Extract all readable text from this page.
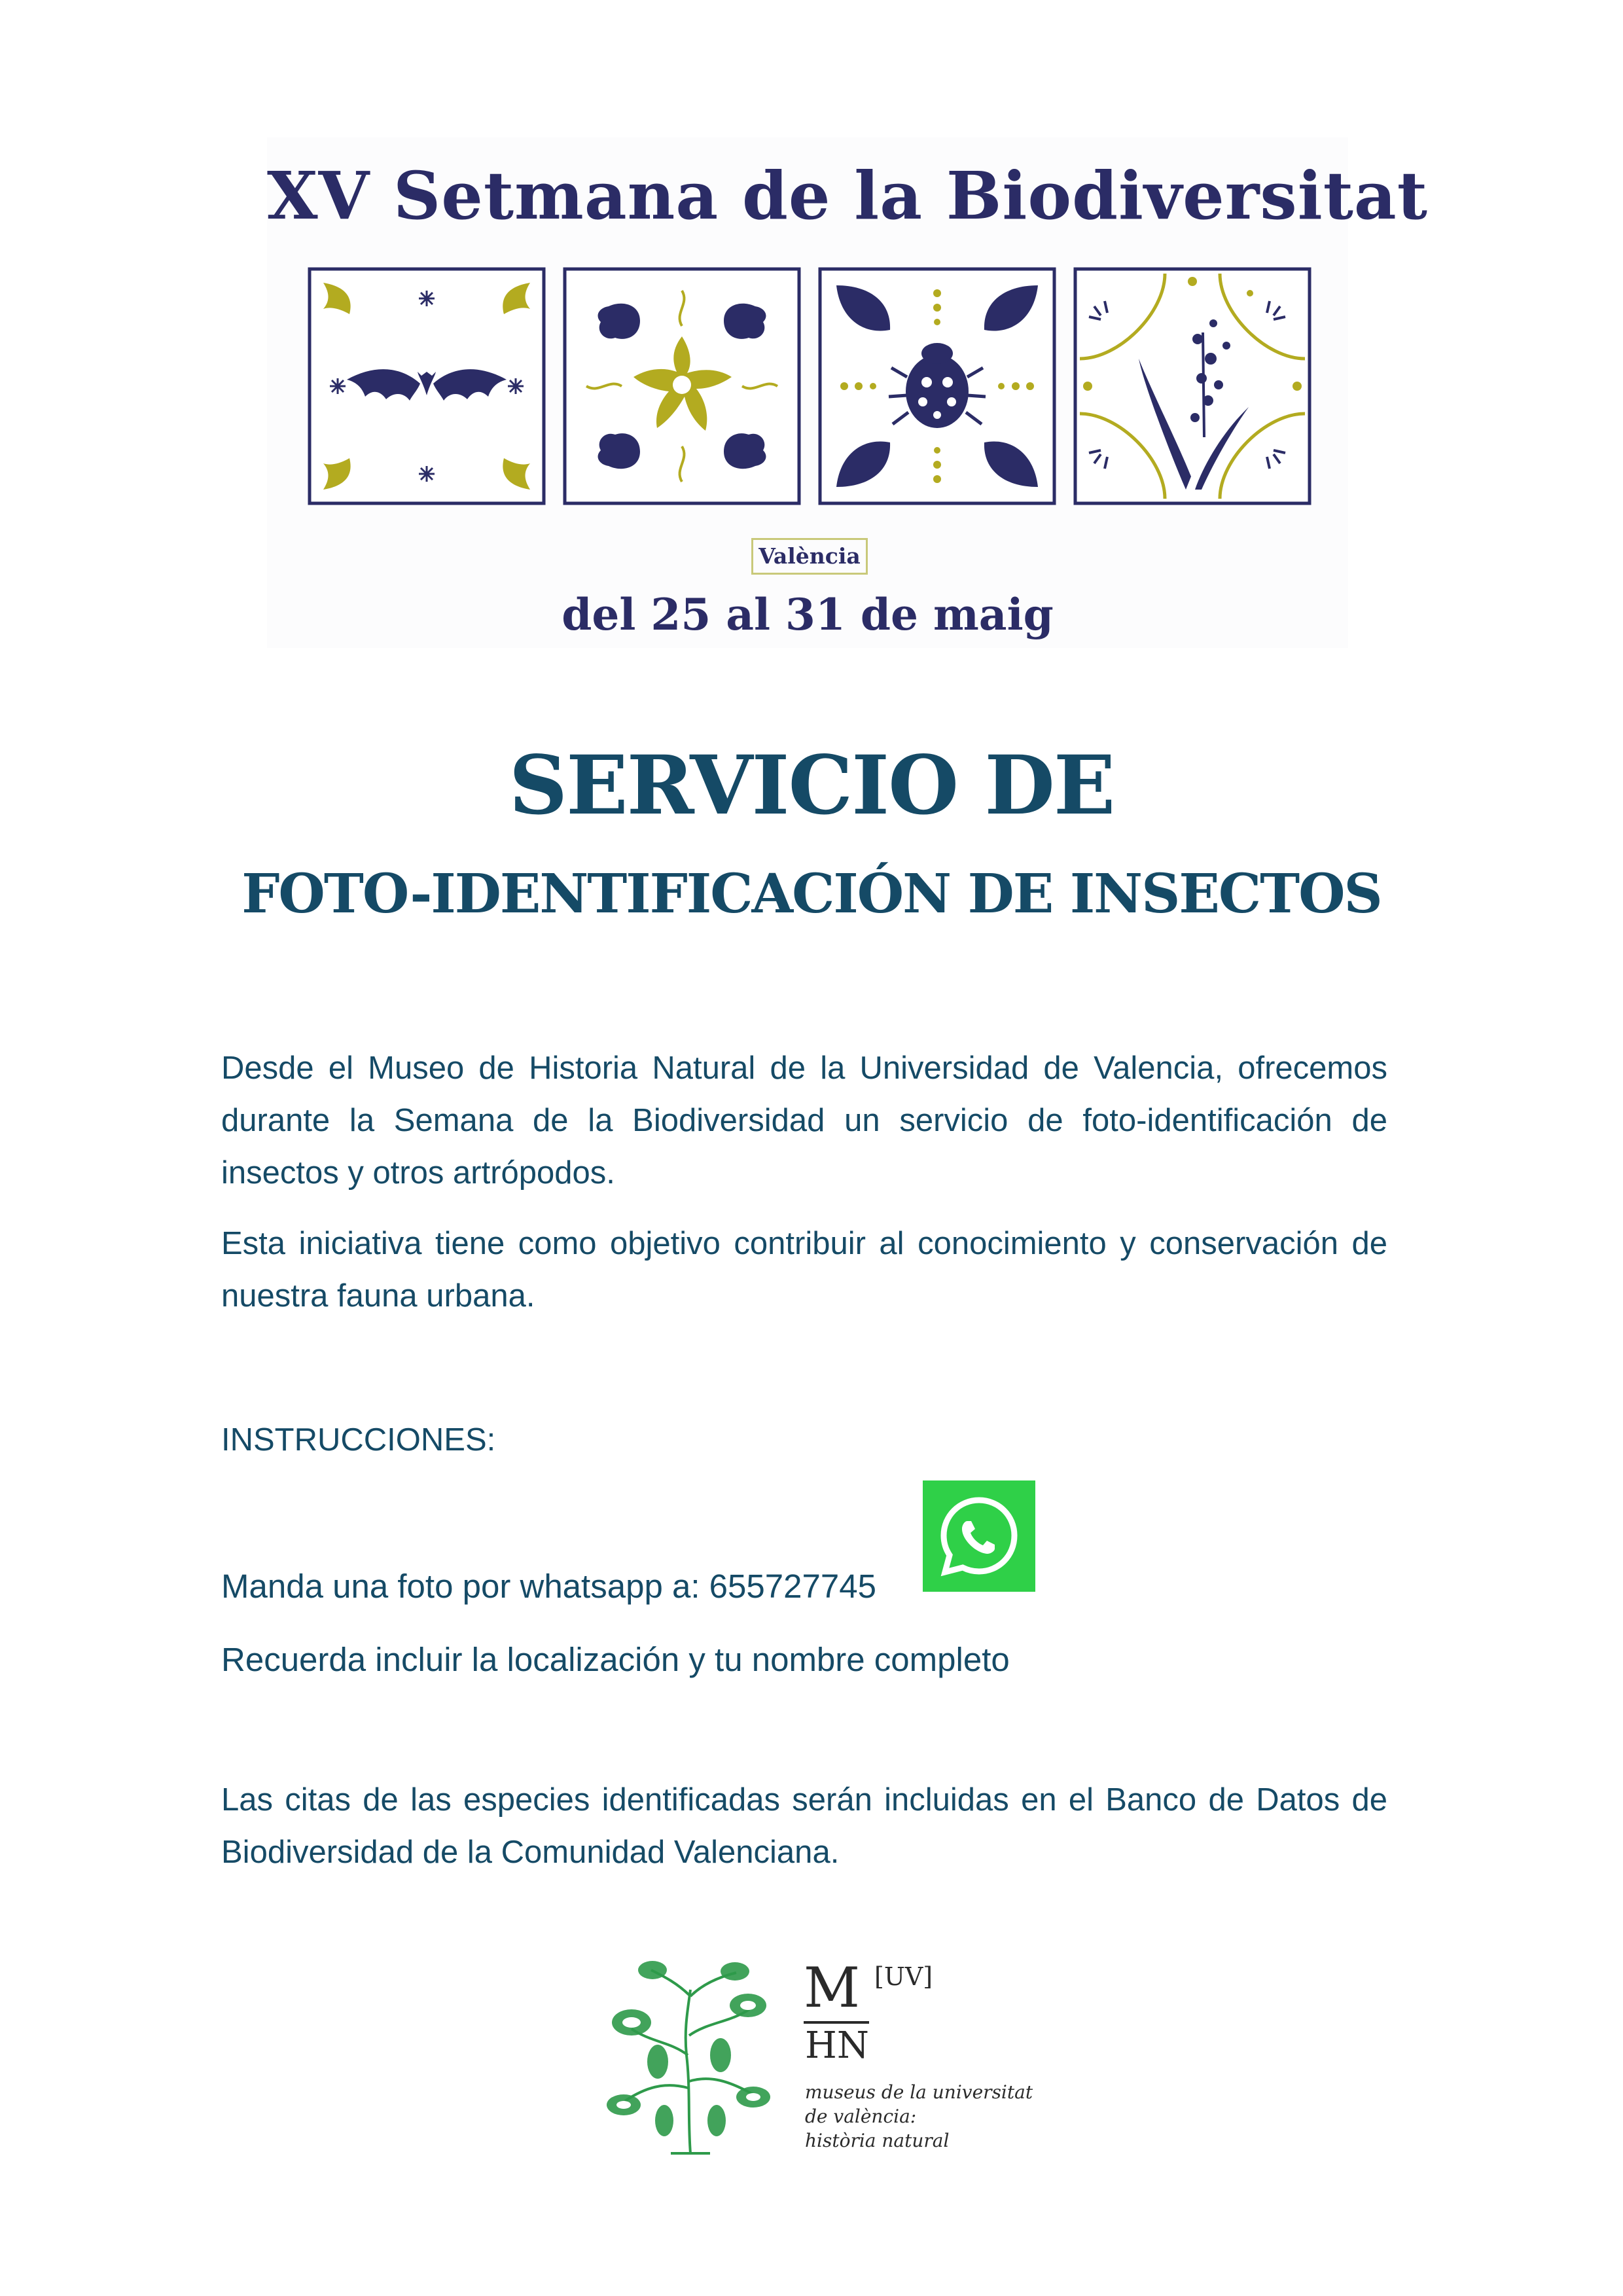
XV Setmana de la Biodiversitat
València
del 25 al 31 de maig
SERVICIO DE
FOTO-IDENTIFICACIÓN DE INSECTOS

Desde el Museo de Historia Natural de la Universidad de Valencia, ofrecemos durante la Semana de la Biodiversidad un servicio de foto-identificación de insectos y otros artrópodos.

Esta iniciativa tiene como objetivo contribuir al conocimiento y conservación de nuestra fauna urbana.

INSTRUCCIONES:

Manda una foto por whatsapp a: 655727745

Recuerda incluir la localización y tu nombre completo

Las citas de las especies identificadas serán incluidas en el Banco de Datos de Biodiversidad de la Comunidad Valenciana.

M [UV]
HN
museus de la universitat
de valència:
història natural
